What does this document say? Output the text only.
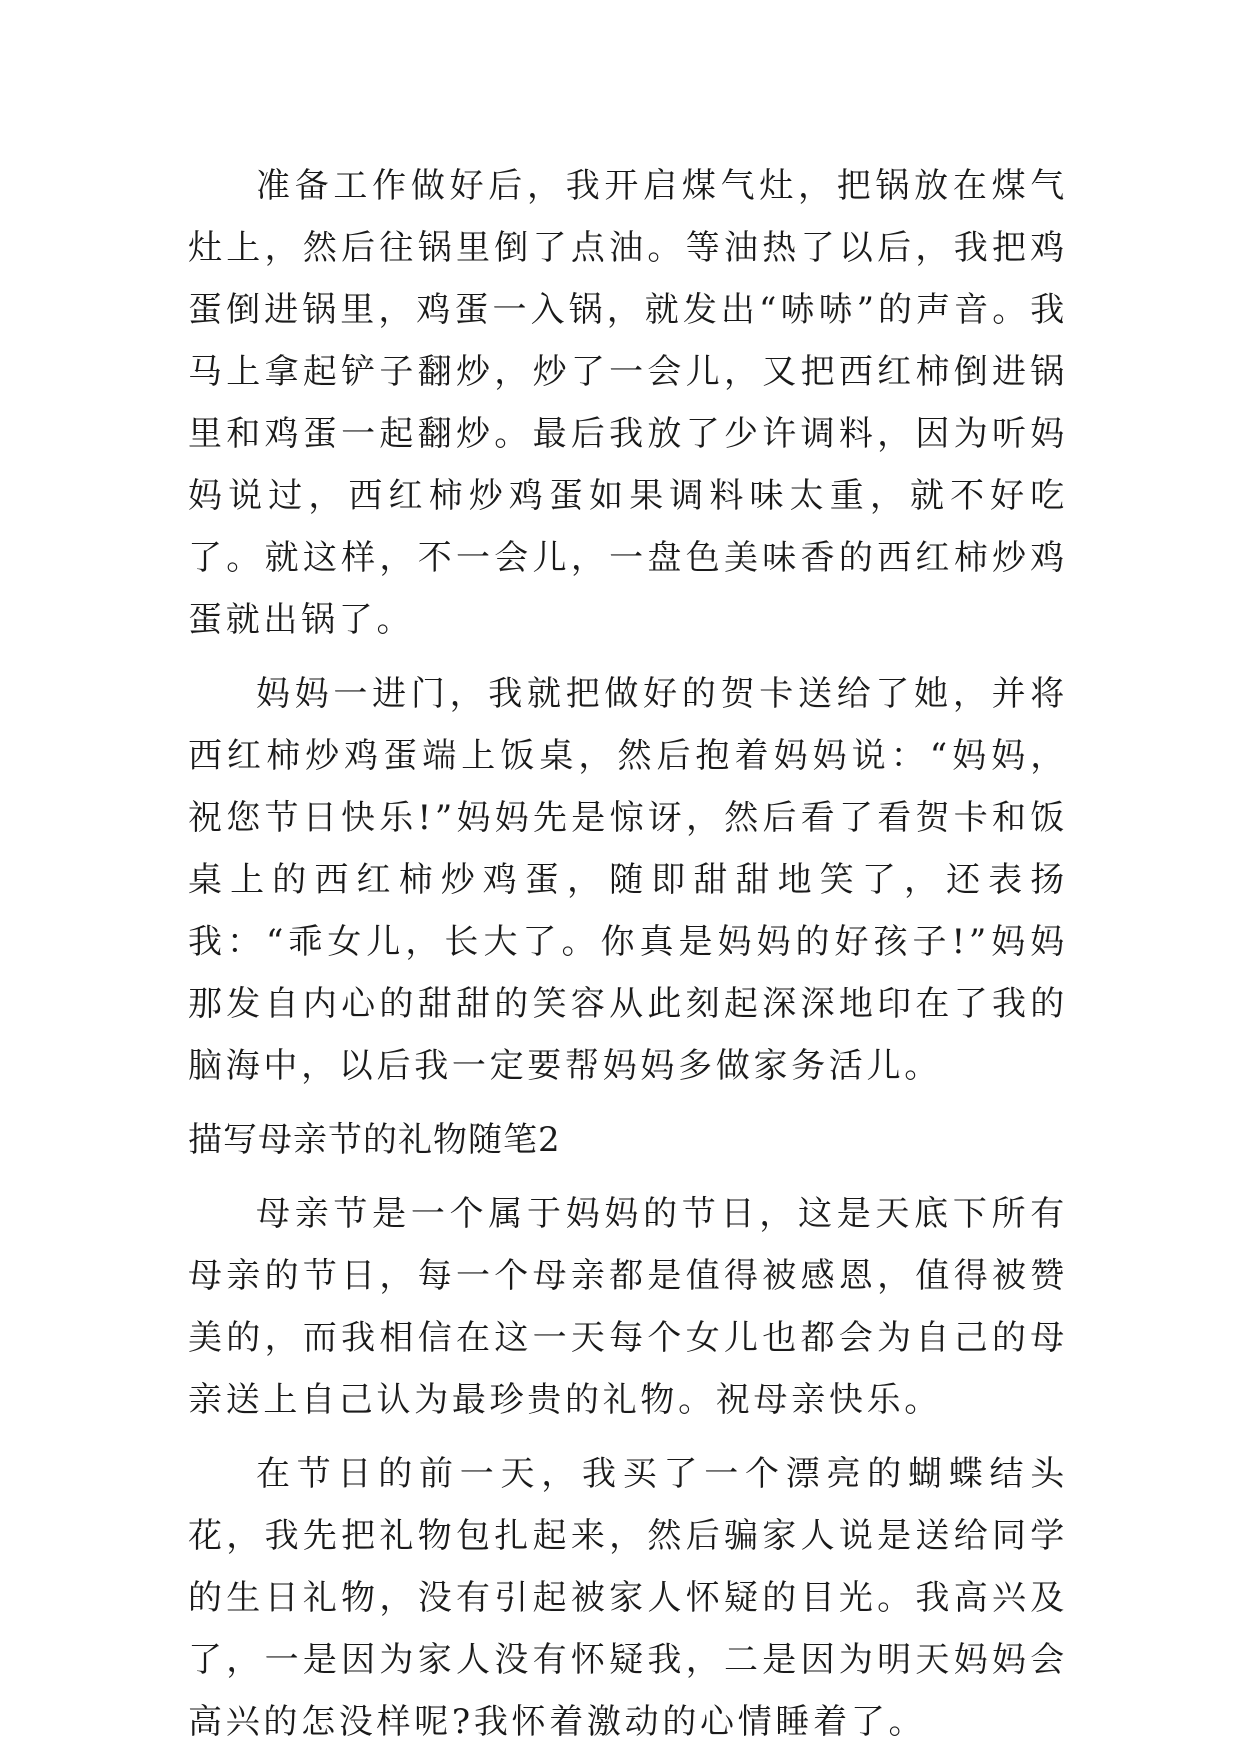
准备工作做好后，我开启煤气灶，把锅放在煤气灶上，然后往锅里倒了点油。等油热了以后，我把鸡蛋倒进锅里，鸡蛋一入锅，就发出“哧哧”的声音。我马上拿起铲子翻炒，炒了一会儿，又把西红柿倒进锅里和鸡蛋一起翻炒。最后我放了少许调料，因为听妈妈说过，西红柿炒鸡蛋如果调料味太重，就不好吃了。就这样，不一会儿，一盘色美味香的西红柿炒鸡蛋就出锅了。

妈妈一进门，我就把做好的贺卡送给了她，并将西红柿炒鸡蛋端上饭桌，然后抱着妈妈说：“妈妈，祝您节日快乐!”妈妈先是惊讶，然后看了看贺卡和饭桌上的西红柿炒鸡蛋，随即甜甜地笑了，还表扬我：“乖女儿，长大了。你真是妈妈的好孩子!”妈妈那发自内心的甜甜的笑容从此刻起深深地印在了我的脑海中，以后我一定要帮妈妈多做家务活儿。

描写母亲节的礼物随笔2

母亲节是一个属于妈妈的节日，这是天底下所有母亲的节日，每一个母亲都是值得被感恩，值得被赞美的，而我相信在这一天每个女儿也都会为自己的母亲送上自己认为最珍贵的礼物。祝母亲快乐。

在节日的前一天，我买了一个漂亮的蝴蝶结头花，我先把礼物包扎起来，然后骗家人说是送给同学的生日礼物，没有引起被家人怀疑的目光。我高兴及了，一是因为家人没有怀疑我，二是因为明天妈妈会高兴的怎没样呢?我怀着激动的心情睡着了。
